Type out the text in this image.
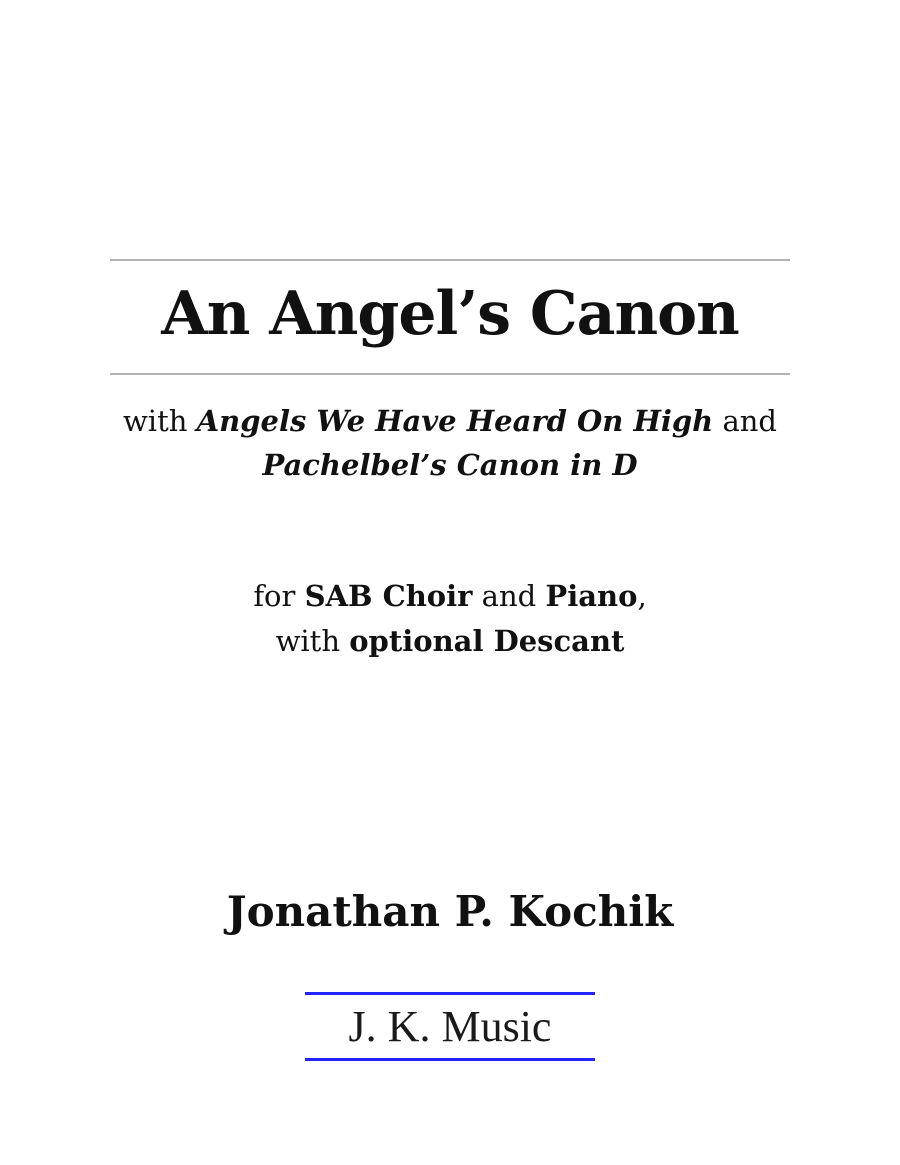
An Angel’s Canon

with Angels We Have Heard On High and
Pachelbel’s Canon in D

for SAB Choir and Piano,
with optional Descant

Jonathan P. Kochik

J. K. Music
